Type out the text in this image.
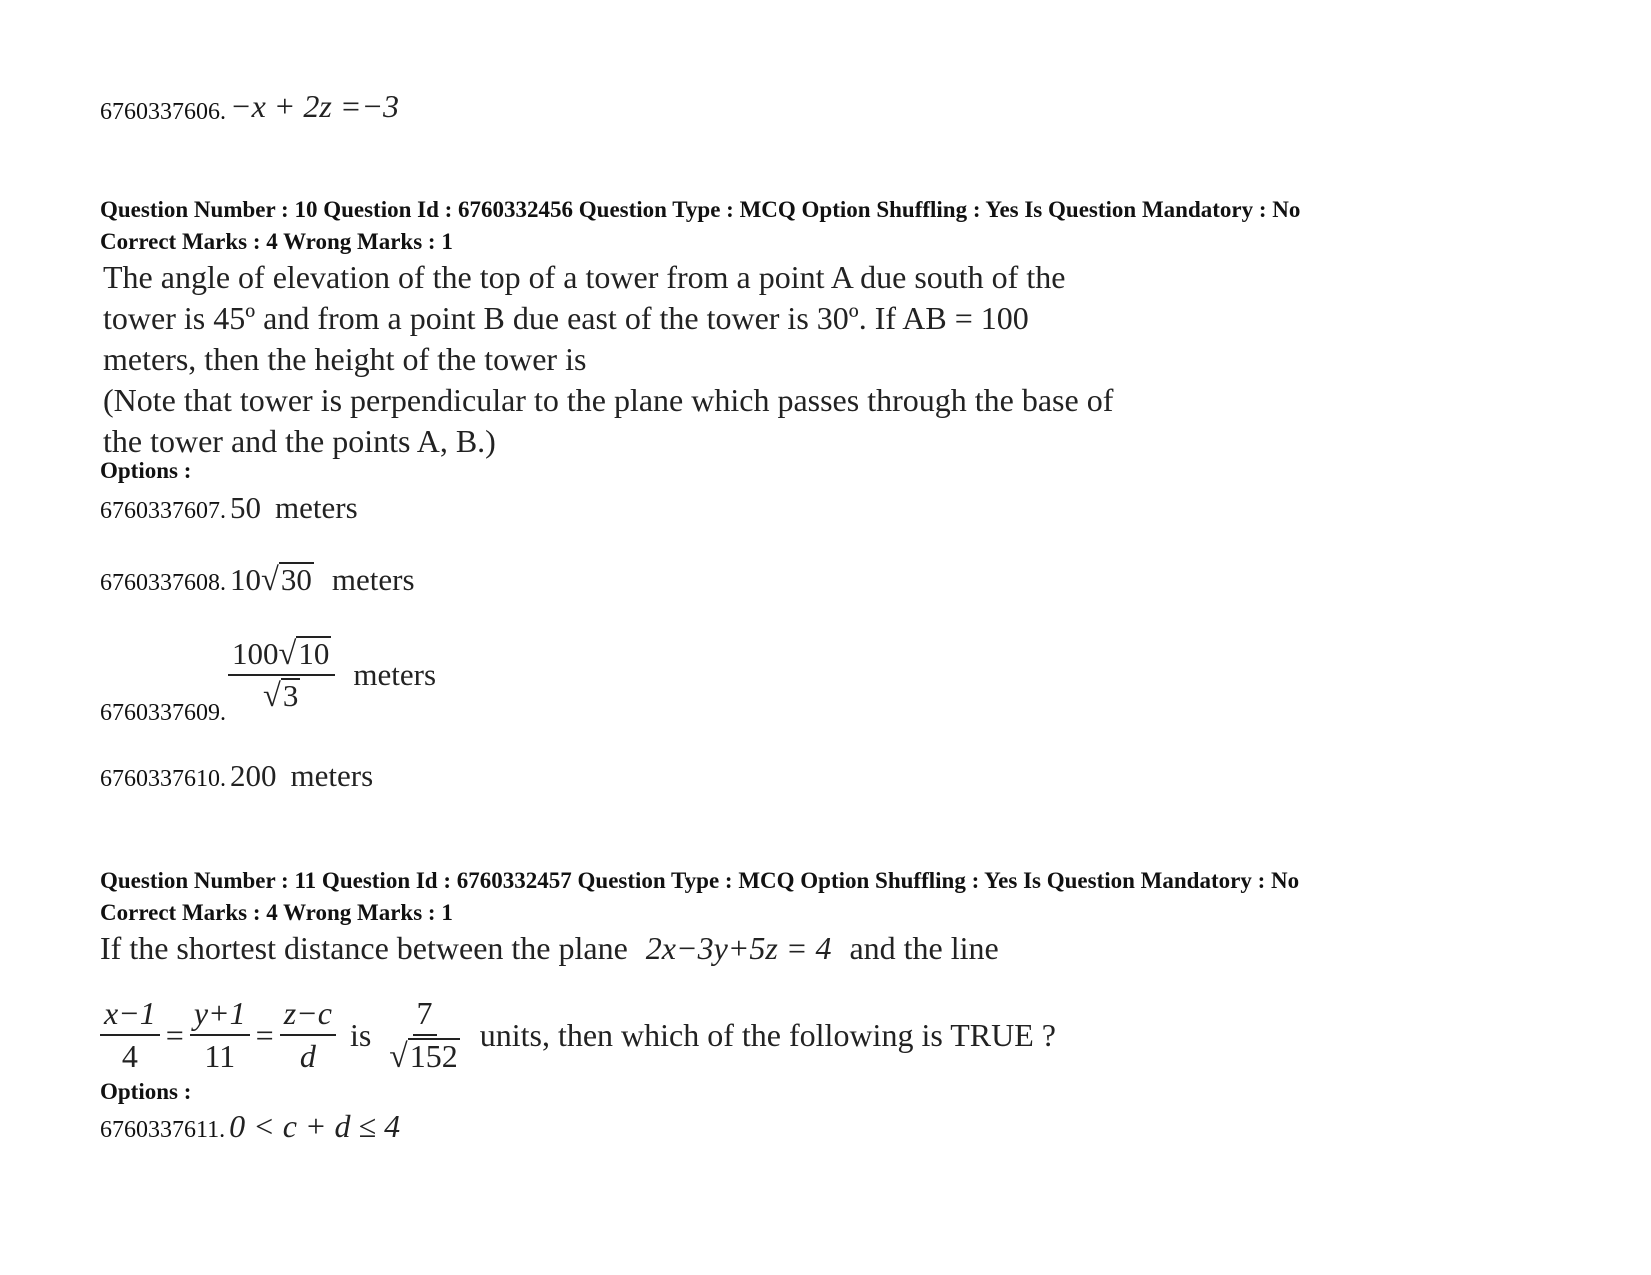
6760337606. −x + 2z =−3
Question Number : 10 Question Id : 6760332456 Question Type : MCQ Option Shuffling : Yes Is Question Mandatory : No
Correct Marks : 4 Wrong Marks : 1
The angle of elevation of the top of a tower from a point A due south of the
tower is 45º and from a point B due east of the tower is 30º. If AB = 100
meters, then the height of the tower is
(Note that tower is perpendicular to the plane which passes through the base of
the tower and the points A, B.)
Options :
6760337607. 50 meters
6760337608. 10 √ 30 meters
6760337609. $\frac{100 √ 10}{√ 3}$ meters
6760337610. 200 meters
Question Number : 11 Question Id : 6760332457 Question Type : MCQ Option Shuffling : Yes Is Question Mandatory : No
Correct Marks : 4 Wrong Marks : 1
If the shortest distance between the plane 2x−3y+5z = 4 and the line
$\frac{x-1}{4} = \frac{y+1}{11} = \frac{z-c}{d}$ is $\frac{7}{√ 152}$ units, then which of the following is TRUE ?
Options :
6760337611. 0 < c + d ≤ 4
